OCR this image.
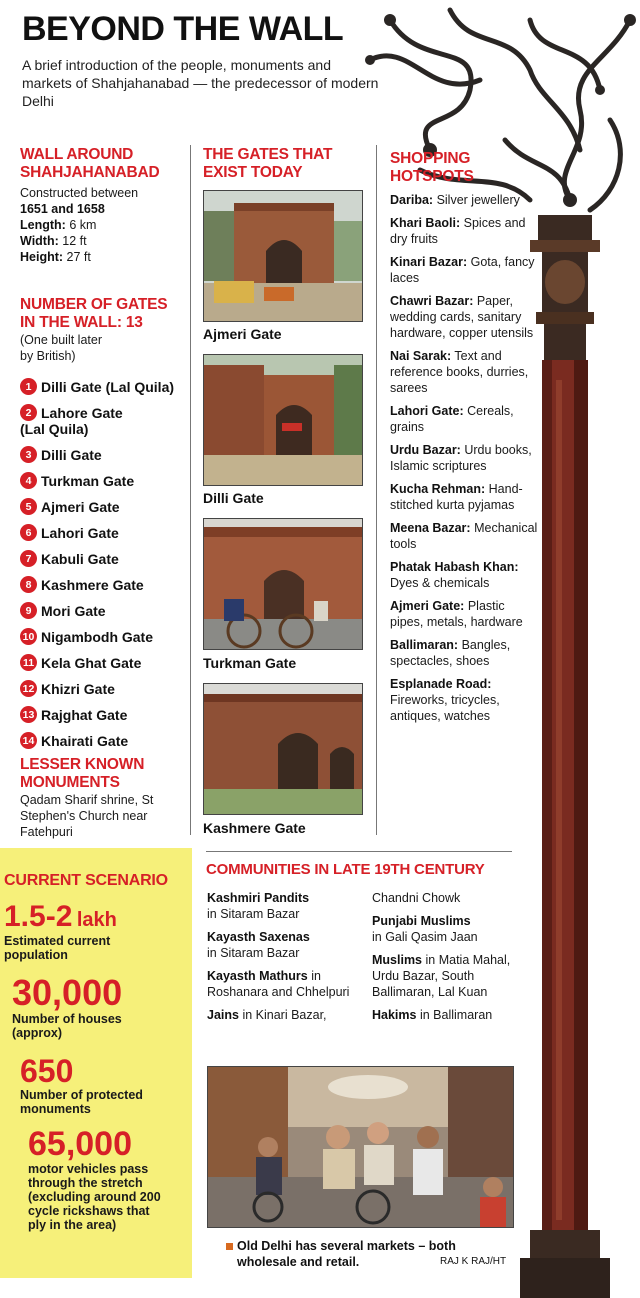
BEYOND THE WALL
A brief introduction of the people, monuments and markets of Shahjahanabad — the predecessor of modern Delhi
WALL AROUND
SHAHJAHANABAD
Constructed between
1651 and 1658
Length: 6 km
Width: 12 ft
Height: 27 ft
NUMBER OF GATES
IN THE WALL: 13
(One built later
by British)
1 Dilli Gate (Lal Quila)
2 Lahore Gate
(Lal Quila)
3 Dilli Gate
4 Turkman Gate
5 Ajmeri Gate
6 Lahori Gate
7 Kabuli Gate
8 Kashmere Gate
9 Mori Gate
10 Nigambodh Gate
11 Kela Ghat Gate
12 Khizri Gate
13 Rajghat Gate
14 Khairati Gate
LESSER KNOWN
MONUMENTS
Qadam Sharif shrine, St
Stephen's Church near
Fatehpuri
THE GATES THAT
EXIST TODAY
Ajmeri Gate
Dilli Gate
Turkman Gate
Kashmere Gate
SHOPPING
HOTSPOTS

Dariba: Silver jewellery

Khari Baoli: Spices and dry fruits

Kinari Bazar: Gota, fancy laces

Chawri Bazar: Paper, wedding cards, sanitary hardware, copper utensils

Nai Sarak: Text and reference books, durries, sarees

Lahori Gate: Cereals, grains

Urdu Bazar: Urdu books, Islamic scriptures

Kucha Rehman: Hand-stitched kurta pyjamas

Meena Bazar: Mechanical tools

Phatak Habash Khan: Dyes & chemicals

Ajmeri Gate: Plastic pipes, metals, hardware

Ballimaran: Bangles, spectacles, shoes

Esplanade Road: Fireworks, tricycles, antiques, watches

CURRENT SCENARIO
1.5-2 lakh
Estimated current
population
30,000
Number of houses
(approx)
650
Number of protected
monuments
65,000
motor vehicles pass
through the stretch
(excluding around 200
cycle rickshaws that
ply in the area)
COMMUNITIES IN LATE 19TH CENTURY

Kashmiri Pandits
in Sitaram Bazar

Kayasth Saxenas
in Sitaram Bazar

Kayasth Mathurs in Roshanara and Chhelpuri

Jains in Kinari Bazar,

Chandni Chowk

Punjabi Muslims
in Gali Qasim Jaan

Muslims in Matia Mahal, Urdu Bazar, South Ballimaran, Lal Kuan

Hakims in Ballimaran

Old Delhi has several markets – both
wholesale and retail.	RAJ K RAJ/HT
